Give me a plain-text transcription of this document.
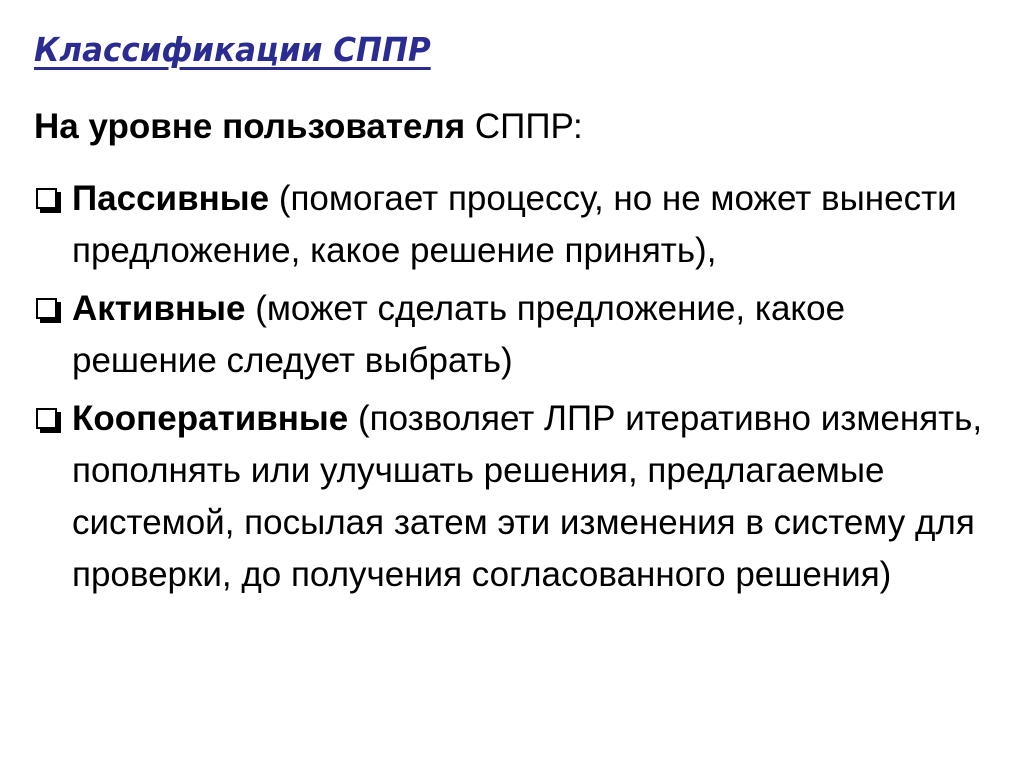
Классификации СППР

На уровне пользователя СППР:

Пассивные (помогает процессу, но не может вынести предложение, какое решение принять),
Активные (может сделать предложение, какое решение следует выбрать)
Кооперативные (позволяет ЛПР итеративно изменять, пополнять или улучшать решения, предлагаемые системой, посылая затем эти изменения в систему для проверки, до получения согласованного решения)
